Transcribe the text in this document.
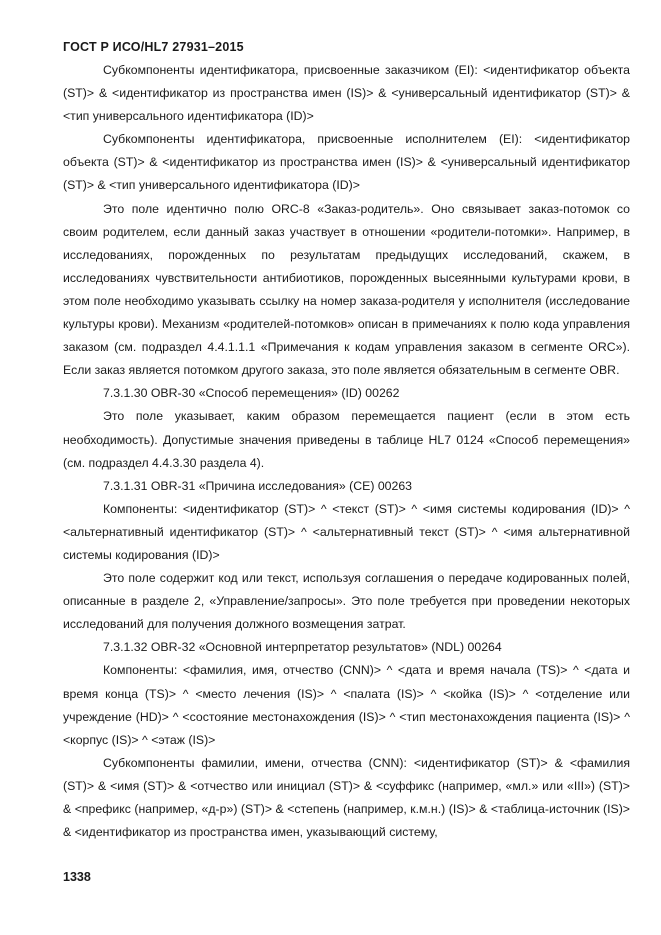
ГОСТ Р ИСО/HL7 27931–2015

Субкомпоненты идентификатора, присвоенные заказчиком (EI): <идентификатор объекта (ST)> & <идентификатор из пространства имен (IS)> & <универсальный идентификатор (ST)> & <тип универсального идентификатора (ID)>

Субкомпоненты идентификатора, присвоенные исполнителем (EI): <идентификатор объекта (ST)> & <идентификатор из пространства имен (IS)> & <универсальный идентификатор (ST)> & <тип универсального идентификатора (ID)>

Это поле идентично полю ORC-8 «Заказ-родитель». Оно связывает заказ-потомок со своим родителем, если данный заказ участвует в отношении «родители-потомки». Например, в исследованиях, порожденных по результатам предыдущих исследований, скажем, в исследованиях чувствительности антибиотиков, порожденных высеянными культурами крови, в этом поле необходимо указывать ссылку на номер заказа-родителя у исполнителя (исследование культуры крови). Механизм «родителей-потомков» описан в примечаниях к полю кода управления заказом (см. подраздел 4.4.1.1.1 «Примечания к кодам управления заказом в сегменте ORC»). Если заказ является потомком другого заказа, это поле является обязательным в сегменте OBR.

7.3.1.30 OBR-30 «Способ перемещения» (ID) 00262

Это поле указывает, каким образом перемещается пациент (если в этом есть необходимость). Допустимые значения приведены в таблице HL7 0124 «Способ перемещения» (см. подраздел 4.4.3.30 раздела 4).

7.3.1.31 OBR-31 «Причина исследования» (CE) 00263

Компоненты: <идентификатор (ST)> ^ <текст (ST)> ^ <имя системы кодирования (ID)> ^ <альтернативный идентификатор (ST)> ^ <альтернативный текст (ST)> ^ <имя альтернативной системы кодирования (ID)>

Это поле содержит код или текст, используя соглашения о передаче кодированных полей, описанные в разделе 2, «Управление/запросы». Это поле требуется при проведении некоторых исследований для получения должного возмещения затрат.

7.3.1.32 OBR-32 «Основной интерпретатор результатов» (NDL) 00264

Компоненты: <фамилия, имя, отчество (CNN)> ^ <дата и время начала (TS)> ^ <дата и время конца (TS)> ^ <место лечения (IS)> ^ <палата (IS)> ^ <койка (IS)> ^ <отделение или учреждение (HD)> ^ <состояние местонахождения (IS)> ^ <тип местонахождения пациента (IS)> ^ <корпус (IS)> ^ <этаж (IS)>

Субкомпоненты фамилии, имени, отчества (CNN): <идентификатор (ST)> & <фамилия (ST)> & <имя (ST)> & <отчество или инициал (ST)> & <суффикс (например, «мл.» или «III») (ST)> & <префикс (например, «д-р») (ST)> & <степень (например, к.м.н.) (IS)> & <таблица-источник (IS)> & <идентификатор из пространства имен, указывающий систему,

1338
